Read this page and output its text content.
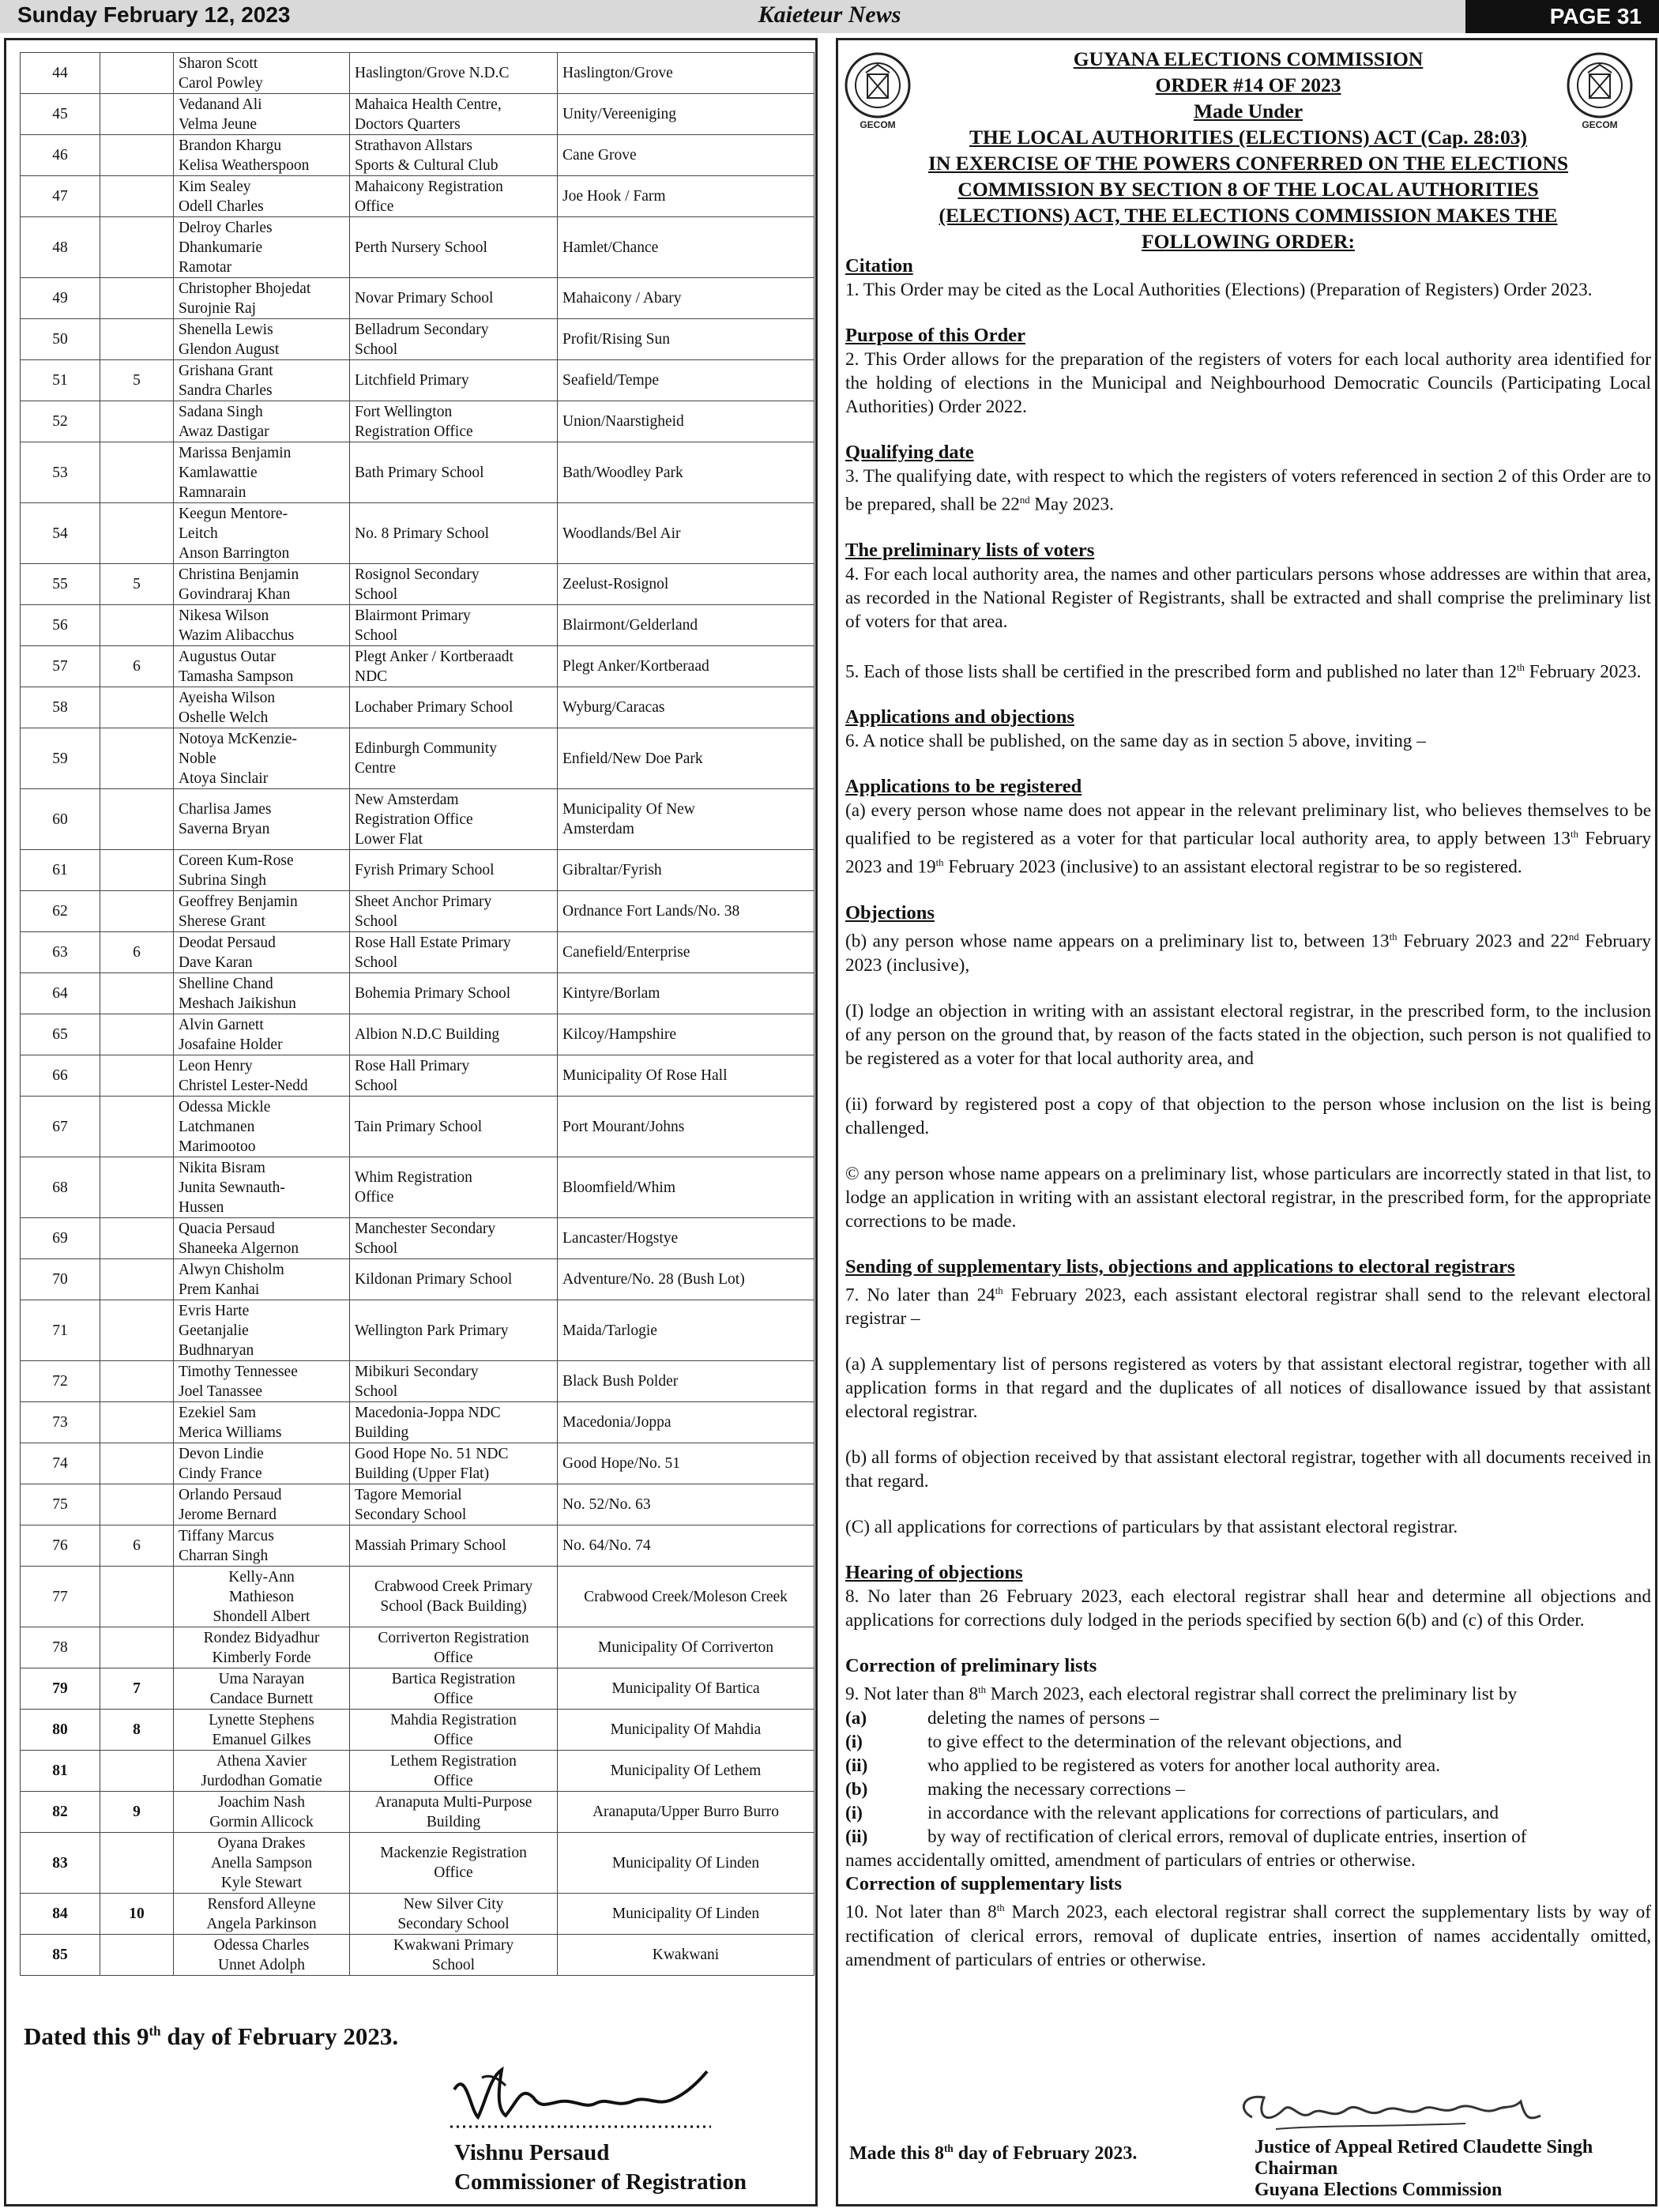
Sunday February 12, 2023	Kaieteur News	PAGE 31
44		Sharon Scott
Carol Powley	Haslington/Grove N.D.C	Haslington/Grove

45		Vedanand Ali
Velma Jeune	Mahaica Health Centre,
Doctors Quarters	Unity/Vereeniging

46		Brandon Khargu
Kelisa Weatherspoon	Strathavon Allstars
Sports & Cultural Club	Cane Grove

47		Kim Sealey
Odell Charles	Mahaicony Registration
Office	Joe Hook / Farm

48		Delroy Charles
Dhankumarie
Ramotar	Perth Nursery School	Hamlet/Chance

49		Christopher Bhojedat
Surojnie Raj	Novar Primary School	Mahaicony / Abary

50		Shenella Lewis
Glendon August	Belladrum Secondary
School	Profit/Rising Sun

51	5	Grishana Grant
Sandra Charles	Litchfield Primary	Seafield/Tempe

52		Sadana Singh
Awaz Dastigar	Fort Wellington
Registration Office	Union/Naarstigheid

53		Marissa Benjamin
Kamlawattie
Ramnarain	Bath Primary School	Bath/Woodley Park

54		Keegun Mentore-
Leitch
Anson Barrington	No. 8 Primary School	Woodlands/Bel Air

55	5	Christina Benjamin
Govindraraj Khan	Rosignol Secondary
School	Zeelust-Rosignol

56		Nikesa Wilson
Wazim Alibacchus	Blairmont Primary
School	Blairmont/Gelderland

57	6	Augustus Outar
Tamasha Sampson	Plegt Anker / Kortberaadt
NDC	Plegt Anker/Kortberaad

58		Ayeisha Wilson
Oshelle Welch	Lochaber Primary School	Wyburg/Caracas

59		Notoya McKenzie-
Noble
Atoya Sinclair	Edinburgh Community
Centre	Enfield/New Doe Park

60		Charlisa James
Saverna Bryan	New Amsterdam
Registration Office
Lower Flat	Municipality Of New
Amsterdam

61		Coreen Kum-Rose
Subrina Singh	Fyrish Primary School	Gibraltar/Fyrish

62		Geoffrey Benjamin
Sherese Grant	Sheet Anchor Primary
School	Ordnance Fort Lands/No. 38

63	6	Deodat Persaud
Dave Karan	Rose Hall Estate Primary
School	Canefield/Enterprise

64		Shelline Chand
Meshach Jaikishun	Bohemia Primary School	Kintyre/Borlam

65		Alvin Garnett
Josafaine Holder	Albion N.D.C Building	Kilcoy/Hampshire

66		Leon Henry
Christel Lester-Nedd	Rose Hall Primary
School	Municipality Of Rose Hall

67		Odessa Mickle
Latchmanen
Marimootoo	Tain Primary School	Port Mourant/Johns

68		Nikita Bisram
Junita Sewnauth-
Hussen	Whim Registration
Office	Bloomfield/Whim

69		Quacia Persaud
Shaneeka Algernon	Manchester Secondary
School	Lancaster/Hogstye

70		Alwyn Chisholm
Prem Kanhai	Kildonan Primary School	Adventure/No. 28 (Bush Lot)

71		Evris Harte
Geetanjalie
Budhnaryan	Wellington Park Primary	Maida/Tarlogie

72		Timothy Tennessee
Joel Tanassee	Mibikuri Secondary
School	Black Bush Polder

73		Ezekiel Sam
Merica Williams	Macedonia-Joppa NDC
Building	Macedonia/Joppa

74		Devon Lindie
Cindy France	Good Hope No. 51 NDC
Building (Upper Flat)	Good Hope/No. 51

75		Orlando Persaud
Jerome Bernard	Tagore Memorial
Secondary School	No. 52/No. 63

76	6	Tiffany Marcus
Charran Singh	Massiah Primary School	No. 64/No. 74

77		Kelly-Ann
Mathieson
Shondell Albert	Crabwood Creek Primary
School (Back Building)	Crabwood Creek/Moleson Creek

78		Rondez Bidyadhur
Kimberly Forde	Corriverton Registration
Office	Municipality Of Corriverton

79	7	Uma Narayan
Candace Burnett	Bartica Registration
Office	Municipality Of Bartica

80	8	Lynette Stephens
Emanuel Gilkes	Mahdia Registration
Office	Municipality Of Mahdia

81		Athena Xavier
Jurdodhan Gomatie	Lethem Registration
Office	Municipality Of Lethem

82	9	Joachim Nash
Gormin Allicock	Aranaputa Multi-Purpose
Building	Aranaputa/Upper Burro Burro

83		Oyana Drakes
Anella Sampson
Kyle Stewart	Mackenzie Registration
Office	Municipality Of Linden

84	10	Rensford Alleyne
Angela Parkinson	New Silver City
Secondary School	Municipality Of Linden

85		Odessa Charles
Unnet Adolph	Kwakwani Primary
School	Kwakwani
Dated this 9th day of February 2023.
Vishnu Persaud
Commissioner of Registration
GECOM	GECOM
GUYANA ELECTIONS COMMISSION
ORDER #14 OF 2023
Made Under
THE LOCAL AUTHORITIES (ELECTIONS) ACT (Cap. 28:03)
IN EXERCISE OF THE POWERS CONFERRED ON THE ELECTIONS
COMMISSION BY SECTION 8 OF THE LOCAL AUTHORITIES
(ELECTIONS) ACT, THE ELECTIONS COMMISSION MAKES THE
FOLLOWING ORDER:
Citation
1. This Order may be cited as the Local Authorities (Elections) (Preparation of Registers) Order 2023.
Purpose of this Order
2. This Order allows for the preparation of the registers of voters for each local authority area identified for the holding of elections in the Municipal and Neighbourhood Democratic Councils (Participating Local Authorities) Order 2022.
Qualifying date
3. The qualifying date, with respect to which the registers of voters referenced in section 2 of this Order are to be prepared, shall be 22nd May 2023.
The preliminary lists of voters
4. For each local authority area, the names and other particulars persons whose addresses are within that area, as recorded in the National Register of Registrants, shall be extracted and shall comprise the preliminary list of voters for that area.
5. Each of those lists shall be certified in the prescribed form and published no later than 12th February 2023.
Applications and objections
6. A notice shall be published, on the same day as in section 5 above, inviting –
Applications to be registered
(a) every person whose name does not appear in the relevant preliminary list, who believes themselves to be qualified to be registered as a voter for that particular local authority area, to apply between 13th February 2023 and 19th February 2023 (inclusive) to an assistant electoral registrar to be so registered.
Objections
(b) any person whose name appears on a preliminary list to, between 13th February 2023 and 22nd February 2023 (inclusive),
(I) lodge an objection in writing with an assistant electoral registrar, in the prescribed form, to the inclusion of any person on the ground that, by reason of the facts stated in the objection, such person is not qualified to be registered as a voter for that local authority area, and
(ii) forward by registered post a copy of that objection to the person whose inclusion on the list is being challenged.
© any person whose name appears on a preliminary list, whose particulars are incorrectly stated in that list, to lodge an application in writing with an assistant electoral registrar, in the prescribed form, for the appropriate corrections to be made.
Sending of supplementary lists, objections and applications to electoral registrars
7. No later than 24th February 2023, each assistant electoral registrar shall send to the relevant electoral registrar –
(a) A supplementary list of persons registered as voters by that assistant electoral registrar, together with all application forms in that regard and the duplicates of all notices of disallowance issued by that assistant electoral registrar.
(b) all forms of objection received by that assistant electoral registrar, together with all documents received in that regard.
(C) all applications for corrections of particulars by that assistant electoral registrar.
Hearing of objections
8. No later than 26 February 2023, each electoral registrar shall hear and determine all objections and applications for corrections duly lodged in the periods specified by section 6(b) and (c) of this Order.
Correction of preliminary lists
9. Not later than 8th March 2023, each electoral registrar shall correct the preliminary list by
(a)	deleting the names of persons –
(i)	to give effect to the determination of the relevant objections, and
(ii)	who applied to be registered as voters for another local authority area.
(b)	making the necessary corrections –
(i)	in accordance with the relevant applications for corrections of particulars, and
(ii)	by way of rectification of clerical errors, removal of duplicate entries, insertion of
names accidentally omitted, amendment of particulars of entries or otherwise.
Correction of supplementary lists
10. Not later than 8th March 2023, each electoral registrar shall correct the supplementary lists by way of rectification of clerical errors, removal of duplicate entries, insertion of names accidentally omitted, amendment of particulars of entries or otherwise.
Made this 8th day of February 2023.	Justice of Appeal Retired Claudette Singh
Chairman
Guyana Elections Commission
